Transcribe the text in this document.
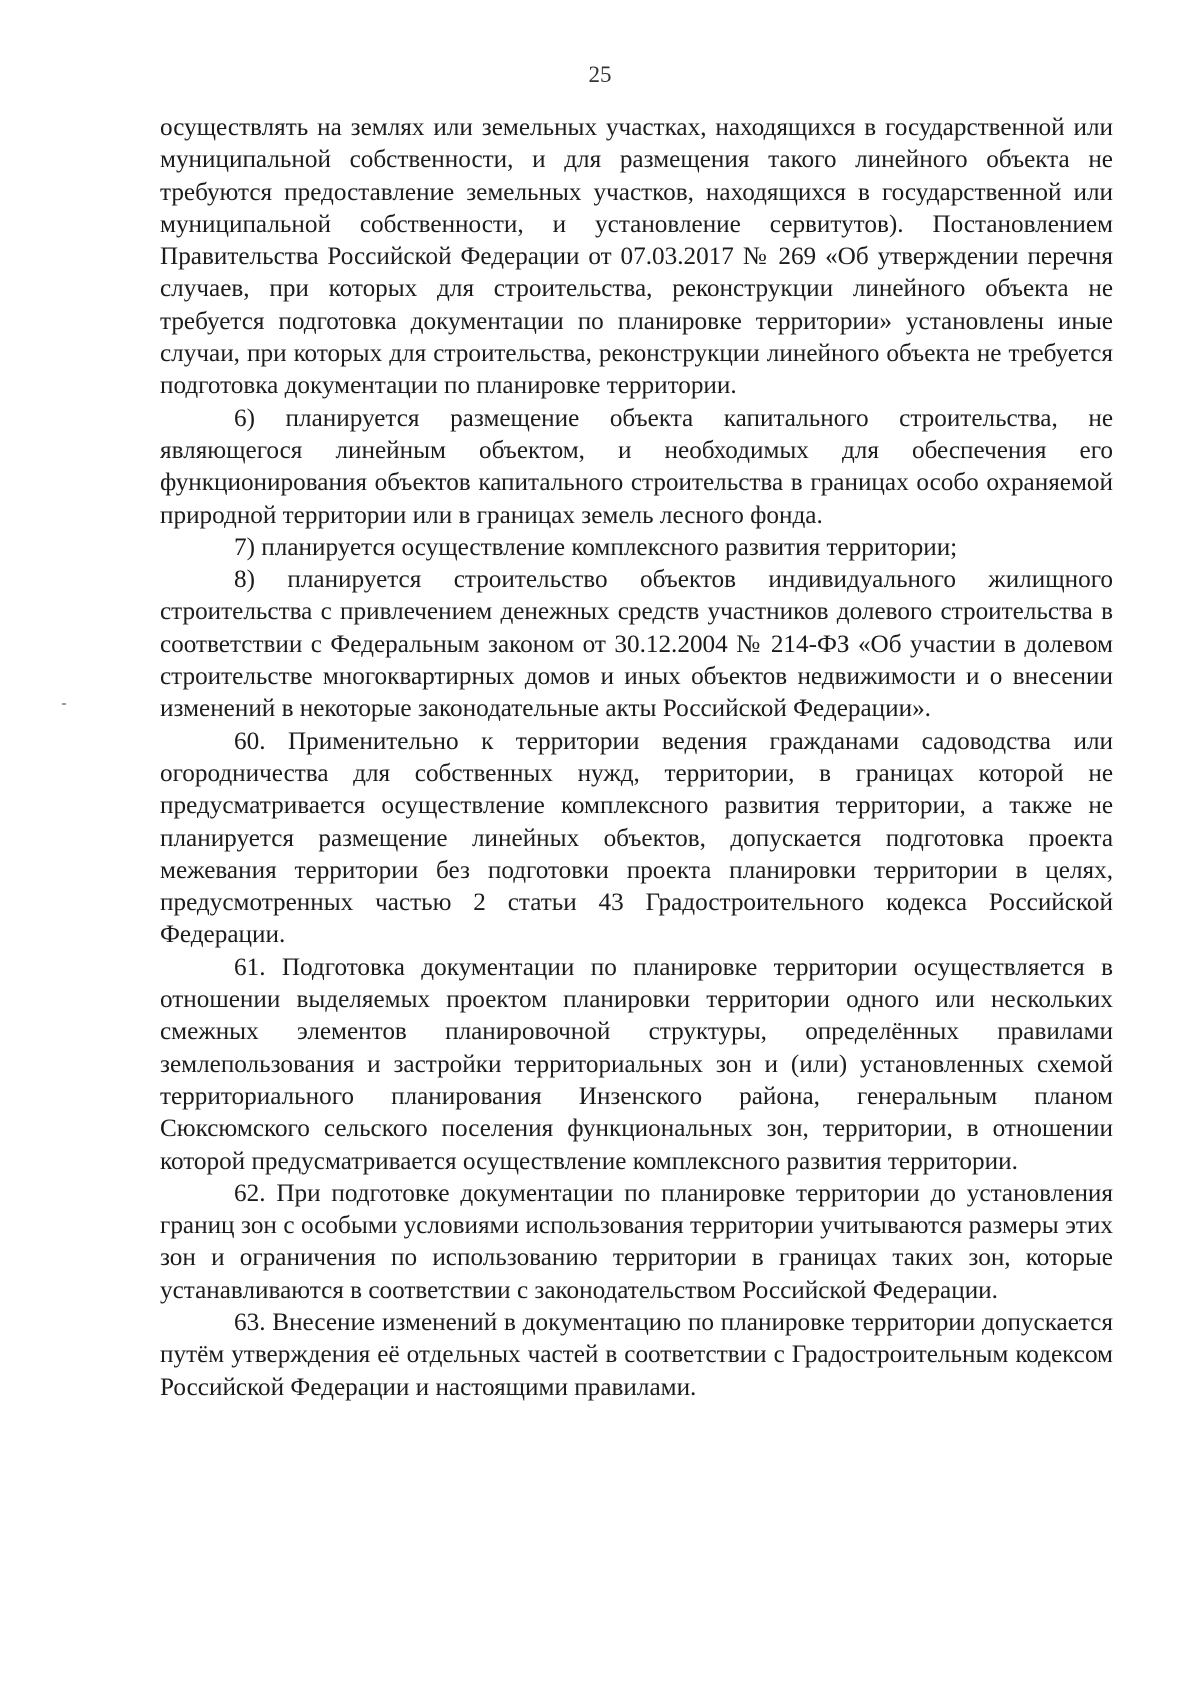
25

осуществлять на землях или земельных участках, находящихся в государственной или муниципальной собственности, и для размещения такого линейного объекта не требуются предоставление земельных участков, находящихся в государственной или муниципальной собственности, и установление сервитутов). Постановлением Правительства Российской Федерации от 07.03.2017 № 269 «Об утверждении перечня случаев, при которых для строительства, реконструкции линейного объекта не требуется подготовка документации по планировке территории» установлены иные случаи, при которых для строительства, реконструкции линейного объекта не требуется подготовка документации по планировке территории.

6) планируется размещение объекта капитального строительства, не являющегося линейным объектом, и необходимых для обеспечения его функционирования объектов капитального строительства в границах особо охраняемой природной территории или в границах земель лесного фонда.

7) планируется осуществление комплексного развития территории;

8) планируется строительство объектов индивидуального жилищного строительства с привлечением денежных средств участников долевого строительства в соответствии с Федеральным законом от 30.12.2004 № 214-ФЗ «Об участии в долевом строительстве многоквартирных домов и иных объектов недвижимости и о внесении изменений в некоторые законодательные акты Российской Федерации».

60. Применительно к территории ведения гражданами садоводства или огородничества для собственных нужд, территории, в границах которой не предусматривается осуществление комплексного развития территории, а также не планируется размещение линейных объектов, допускается подготовка проекта межевания территории без подготовки проекта планировки территории в целях, предусмотренных частью 2 статьи 43 Градостроительного кодекса Российской Федерации.

61. Подготовка документации по планировке территории осуществляется в отношении выделяемых проектом планировки территории одного или нескольких смежных элементов планировочной структуры, определённых правилами землепользования и застройки территориальных зон и (или) установленных схемой территориального планирования Инзенского района, генеральным планом Сюксюмского сельского поселения функциональных зон, территории, в отношении которой предусматривается осуществление комплексного развития территории.

62. При подготовке документации по планировке территории до установления границ зон с особыми условиями использования территории учитываются размеры этих зон и ограничения по использованию территории в границах таких зон, которые устанавливаются в соответствии с законодательством Российской Федерации.

63. Внесение изменений в документацию по планировке территории допускается путём утверждения её отдельных частей в соответствии с Градостроительным кодексом Российской Федерации и настоящими правилами.
